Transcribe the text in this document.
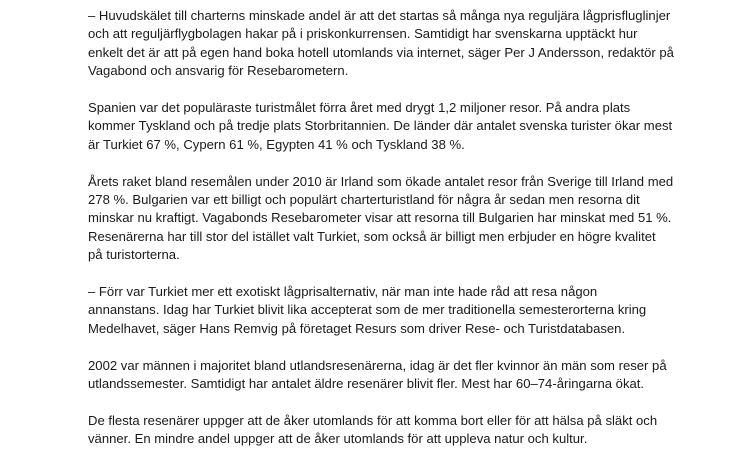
– Huvudskälet till charterns minskade andel är att det startas så många nya reguljära lågprisfluglinjer
och att reguljärflygbolagen hakar på i priskonkurrensen. Samtidigt har svenskarna upptäckt hur
enkelt det är att på egen hand boka hotell utomlands via internet, säger Per J Andersson, redaktör på
Vagabond och ansvarig för Resebarometern.

Spanien var det populäraste turistmålet förra året med drygt 1,2 miljoner resor. På andra plats
kommer Tyskland och på tredje plats Storbritannien. De länder där antalet svenska turister ökar mest
är Turkiet 67 %, Cypern 61 %, Egypten 41 % och Tyskland 38 %.

Årets raket bland resemålen under 2010 är Irland som ökade antalet resor från Sverige till Irland med
278 %. Bulgarien var ett billigt och populärt charterturistland för några år sedan men resorna dit
minskar nu kraftigt. Vagabonds Resebarometer visar att resorna till Bulgarien har minskat med 51 %.
Resenärerna har till stor del istället valt Turkiet, som också är billigt men erbjuder en högre kvalitet
på turistorterna.

– Förr var Turkiet mer ett exotiskt lågprisalternativ, när man inte hade råd att resa någon
annanstans. Idag har Turkiet blivit lika accepterat som de mer traditionella semesterorterna kring
Medelhavet, säger Hans Remvig på företaget Resurs som driver Rese- och Turistdatabasen.

2002 var männen i majoritet bland utlandsresenärerna, idag är det fler kvinnor än män som reser på
utlandssemester. Samtidigt har antalet äldre resenärer blivit fler. Mest har 60–74-åringarna ökat.

De flesta resenärer uppger att de åker utomlands för att komma bort eller för att hälsa på släkt och
vänner. En mindre andel uppger att de åker utomlands för att uppleva natur och kultur.
